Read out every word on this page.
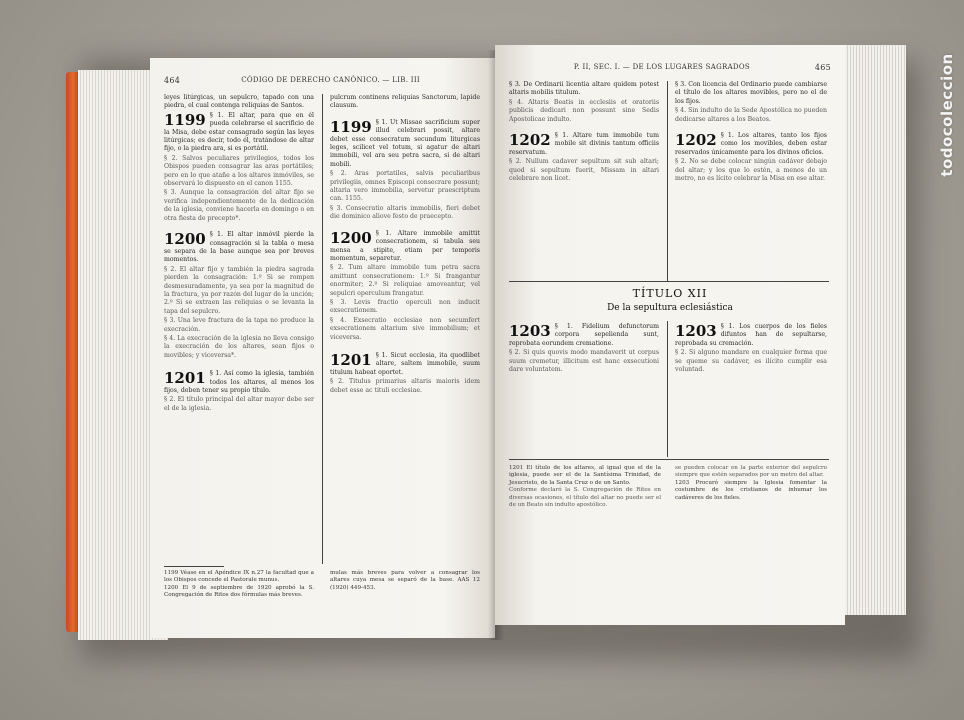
464	CÓDIGO DE DERECHO CANÓNICO. — LIB. III

leyes litúrgicas, un sepulcro, tapado con una piedra, el cual contenga reliquias de Santos.

1199 § 1. El altar, para que en él pueda celebrarse el sacrificio de la Misa, debe estar consagrado según las leyes litúrgicas; es decir, todo él, tratándose de altar fijo, o la piedra ara, si es portátil.

§ 2. Salvos peculiares privilegios, todos los Obispos pueden consagrar las aras portátiles; pero en lo que atañe a los altares inmóviles, se observará lo dispuesto en el canon 1155.

§ 3. Aunque la consagración del altar fijo se verifica independientemente de la dedicación de la iglesia, conviene hacerla en domingo o en otra fiesta de precepto*.

1200 § 1. El altar inmóvil pierde la consagración si la tabla o mesa se separa de la base aunque sea por breves momentos.

§ 2. El altar fijo y también la piedra sagrada pierden la consagración: 1.º Si se rompen desmesuradamente, ya sea por la magnitud de la fractura, ya por razón del lugar de la unción; 2.º Si se extraen las reliquias o se levanta la tapa del sepulcro.

§ 3. Una leve fractura de la tapa no produce la execración.

§ 4. La execración de la iglesia no lleva consigo la execración de los altares, sean fijos o movibles; y viceversa*.

1201 § 1. Así como la iglesia, también todos los altares, al menos los fijos, deben tener su propio título.

§ 2. El título principal del altar mayor debe ser el de la iglesia.

pulcrum continens reliquias Sanctorum, lapide clausum.

1199 § 1. Ut Missae sacrificium super illud celebrari possit, altare debet esse consecratum secundum liturgicas leges, scilicet vel totum, si agatur de altari immobili, vel ara seu petra sacra, si de altari mobili.

§ 2. Aras portatiles, salvis peculiaribus privilegiis, omnes Episcopi consecrare possunt; altaria vero immobilia, servetur praescriptum can. 1155.

§ 3. Consecratio altaris immobilis, fieri debet die dominico aliove festo de praecepto.

1200 § 1. Altare immobile amittit consecrationem, si tabula seu mensa a stipite, etiam per temporis momentum, separetur.

§ 2. Tum altare immobile tum petra sacra amittunt consecrationem: 1.º Si frangantur enormiter; 2.º Si reliquiae amoveantur, vel sepulcri operculum frangatur.

§ 3. Levis fractio operculi non inducit exsecrationem.

§ 4. Exsecratio ecclesiae non secumfert exsecrationem altarium sive immobilium; et viceversa.

1201 § 1. Sicut ecclesia, ita quodlibet altare, saltem immobile, suum titulum habeat oportet.

§ 2. Titulus primarius altaris maioris idem debet esse ac tituli ecclesiae.

1199 Véase en el Apéndice IX n.27 la facultad que a los Obispos concede el Pastorale munus.

1200 El 9 de septiembre de 1920 aprobó la S. Congregación de Ritos dos fórmulas más breves.

mulas más breves para volver a consagrar los altares cuya mesa se separó de la base. AAS 12 (1920) 449-453.

P. II, SEC. I. — DE LOS LUGARES SAGRADOS	465

§ 3. De Ordinarii licentia altare quidem potest altaris mobilis titulum.

§ 4. Altaris Beatis in ecclesiis et oratoriis publicis dedicari non possunt sine Sedis Apostolicae indulto.

1202 § 1. Altare tum immobile tum mobile sit divinis tantum officiis reservatum.

§ 2. Nullum cadaver sepultum sit sub altari; quod si sepultum fuerit, Missam in altari celebrare non licet.

§ 3. Con licencia del Ordinario puede cambiarse el título de los altares movibles, pero no el de los fijos.

§ 4. Sin indulto de la Sede Apostólica no pueden dedicarse altares a los Beatos.

1202 § 1. Los altares, tanto los fijos como los movibles, deben estar reservados únicamente para los divinos oficios.

§ 2. No se debe colocar ningún cadáver debajo del altar; y los que lo estén, a menos de un metro, no es lícito celebrar la Misa en ese altar.

TÍTULO XII
De la sepultura eclesiástica

1203 § 1. Fidelium defunctorum corpora sepelienda sunt, reprobata eorundem crematione.

§ 2. Si quis quovis modo mandaverit ut corpus suum cremetur, illicitum est hanc exsecutioni dare voluntatem.

1203 § 1. Los cuerpos de los fieles difuntos han de sepultarse, reprobada su cremación.

§ 2. Si alguno mandare en cualquier forma que se queme su cadáver, es ilícito cumplir esa voluntad.

1201 El título de los altares, al igual que el de la iglesia, puede ser el de la Santísima Trinidad, de Jesucristo, de la Santa Cruz o de un Santo.

Conforme declaró la S. Congregación de Ritos en diversas ocasiones, el título del altar no puede ser el de un Beato sin indulto apostólico.

se pueden colocar en la parte exterior del sepulcro siempre que estén separados por un metro del altar.

1203 Procuró siempre la Iglesia fomentar la costumbre de los cristianos de inhumar los cadáveres de los fieles.

todocoleccion
